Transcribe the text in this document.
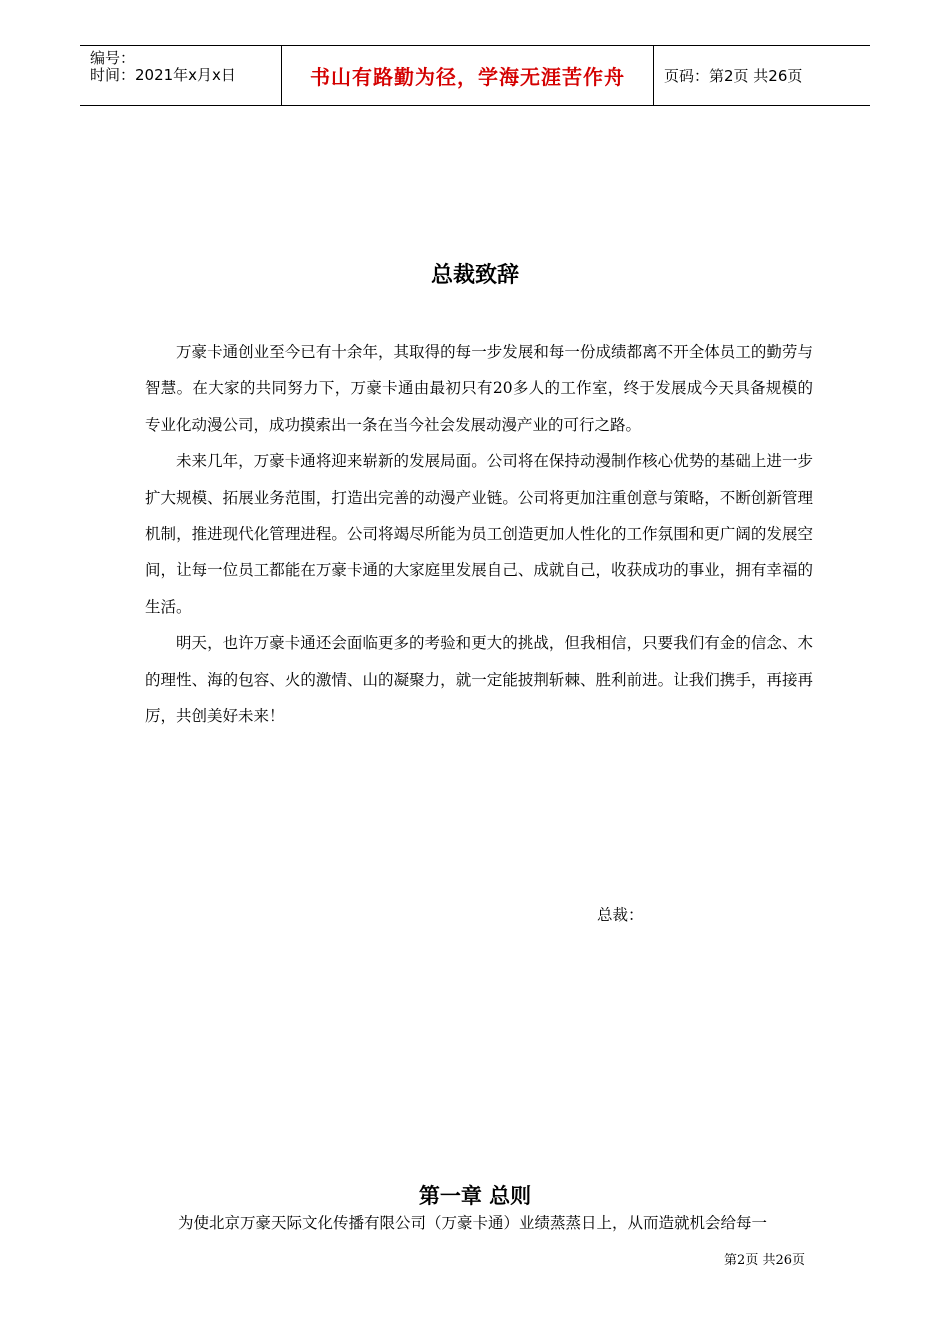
编号：
时间：2021年x月x日	书山有路勤为径，学海无涯苦作舟	页码：第2页 共26页
总裁致辞

万豪卡通创业至今已有十余年，其取得的每一步发展和每一份成绩都离不开全体员工的勤劳与智慧。在大家的共同努力下，万豪卡通由最初只有20多人的工作室，终于发展成今天具备规模的专业化动漫公司，成功摸索出一条在当今社会发展动漫产业的可行之路。

未来几年，万豪卡通将迎来崭新的发展局面。公司将在保持动漫制作核心优势的基础上进一步扩大规模、拓展业务范围，打造出完善的动漫产业链。公司将更加注重创意与策略，不断创新管理机制，推进现代化管理进程。公司将竭尽所能为员工创造更加人性化的工作氛围和更广阔的发展空间，让每一位员工都能在万豪卡通的大家庭里发展自己、成就自己，收获成功的事业，拥有幸福的生活。

明天，也许万豪卡通还会面临更多的考验和更大的挑战，但我相信，只要我们有金的信念、木的理性、海的包容、火的激情、山的凝聚力，就一定能披荆斩棘、胜利前进。让我们携手，再接再厉，共创美好未来！

总裁：
第一章 总则
为使北京万豪天际文化传播有限公司（万豪卡通）业绩蒸蒸日上，从而造就机会给每一
第2页 共26页
